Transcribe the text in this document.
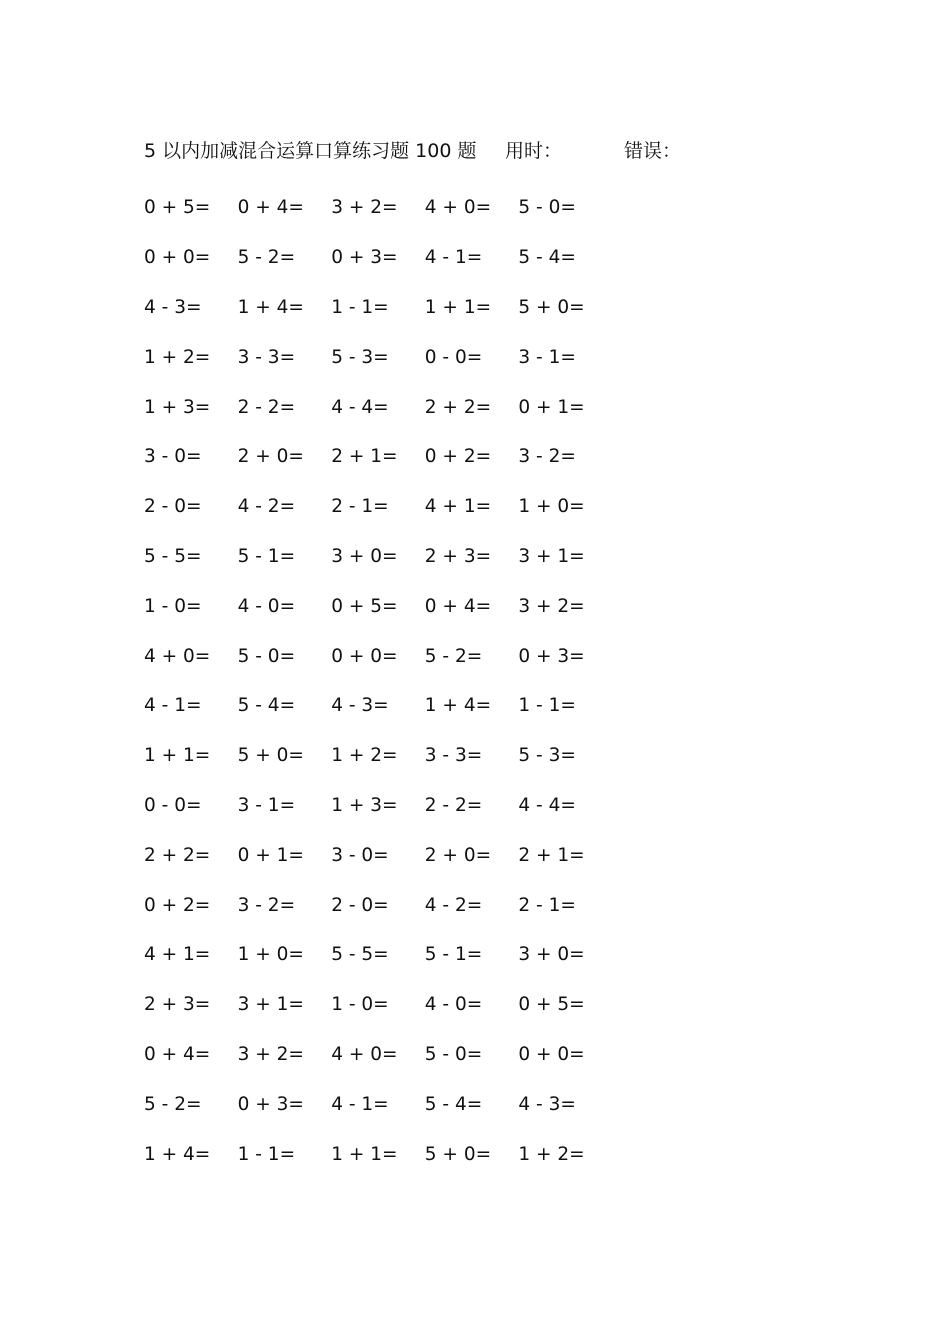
5 以内加减混合运算口算练习题 100 题 用时：	错误：
0 + 5=	0 + 4=	3 + 2=	4 + 0=	5 - 0=
0 + 0=	5 - 2=	0 + 3=	4 - 1=	5 - 4=
4 - 3=	1 + 4=	1 - 1=	1 + 1=	5 + 0=
1 + 2=	3 - 3=	5 - 3=	0 - 0=	3 - 1=
1 + 3=	2 - 2=	4 - 4=	2 + 2=	0 + 1=
3 - 0=	2 + 0=	2 + 1=	0 + 2=	3 - 2=
2 - 0=	4 - 2=	2 - 1=	4 + 1=	1 + 0=
5 - 5=	5 - 1=	3 + 0=	2 + 3=	3 + 1=
1 - 0=	4 - 0=	0 + 5=	0 + 4=	3 + 2=
4 + 0=	5 - 0=	0 + 0=	5 - 2=	0 + 3=
4 - 1=	5 - 4=	4 - 3=	1 + 4=	1 - 1=
1 + 1=	5 + 0=	1 + 2=	3 - 3=	5 - 3=
0 - 0=	3 - 1=	1 + 3=	2 - 2=	4 - 4=
2 + 2=	0 + 1=	3 - 0=	2 + 0=	2 + 1=
0 + 2=	3 - 2=	2 - 0=	4 - 2=	2 - 1=
4 + 1=	1 + 0=	5 - 5=	5 - 1=	3 + 0=
2 + 3=	3 + 1=	1 - 0=	4 - 0=	0 + 5=
0 + 4=	3 + 2=	4 + 0=	5 - 0=	0 + 0=
5 - 2=	0 + 3=	4 - 1=	5 - 4=	4 - 3=
1 + 4=	1 - 1=	1 + 1=	5 + 0=	1 + 2=
